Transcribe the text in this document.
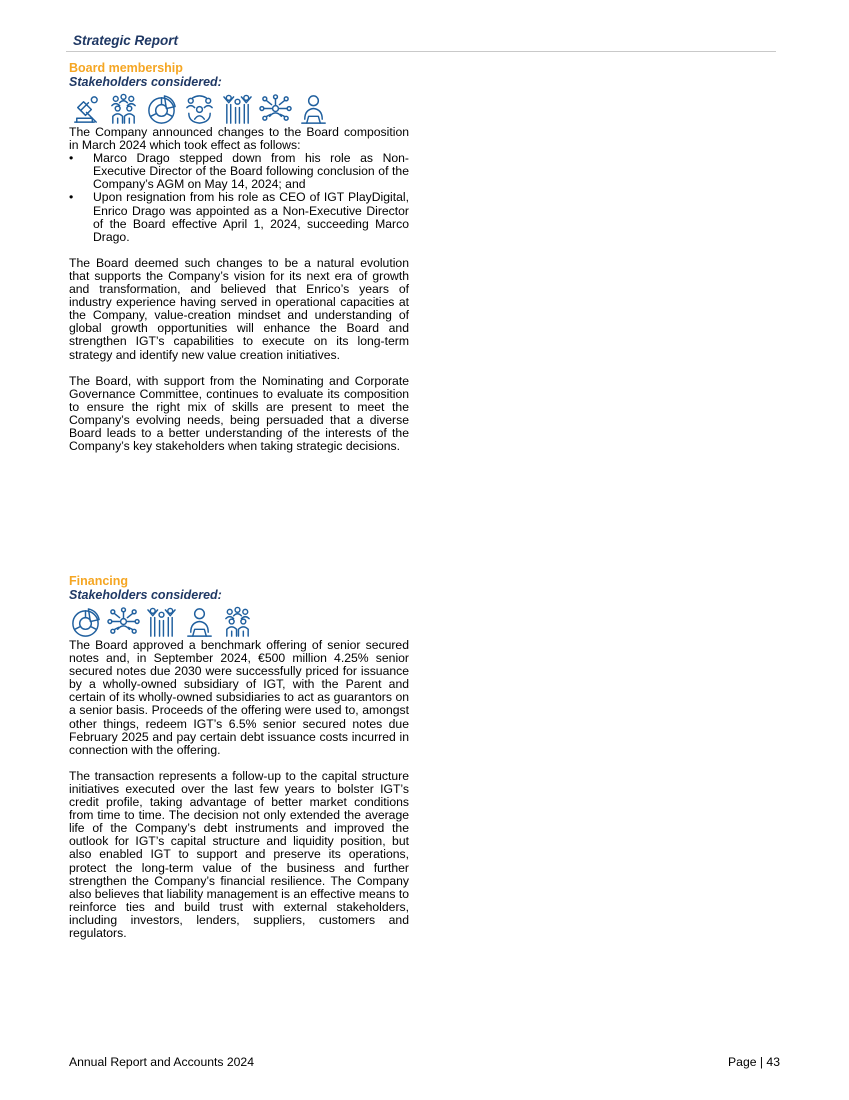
Strategic Report
Board membership
Stakeholders considered:

The Company announced changes to the Board composition in March 2024 which took effect as follows:

• Marco Drago stepped down from his role as Non-Executive Director of the Board following conclusion of the Company’s AGM on May 14, 2024; and
• Upon resignation from his role as CEO of IGT PlayDigital, Enrico Drago was appointed as a Non-Executive Director of the Board effective April 1, 2024, succeeding Marco Drago.

The Board deemed such changes to be a natural evolution that supports the Company’s vision for its next era of growth and transformation, and believed that Enrico’s years of industry experience having served in operational capacities at the Company, value-creation mindset and understanding of global growth opportunities will enhance the Board and strengthen IGT’s capabilities to execute on its long-term strategy and identify new value creation initiatives.

The Board, with support from the Nominating and Corporate Governance Committee, continues to evaluate its composition to ensure the right mix of skills are present to meet the Company’s evolving needs, being persuaded that a diverse Board leads to a better understanding of the interests of the Company’s key stakeholders when taking strategic decisions.

Financing
Stakeholders considered:

The Board approved a benchmark offering of senior secured notes and, in September 2024, €500 million 4.25% senior secured notes due 2030 were successfully priced for issuance by a wholly-owned subsidiary of IGT, with the Parent and certain of its wholly-owned subsidiaries to act as guarantors on a senior basis. Proceeds of the offering were used to, amongst other things, redeem IGT’s 6.5% senior secured notes due February 2025 and pay certain debt issuance costs incurred in connection with the offering.

The transaction represents a follow-up to the capital structure initiatives executed over the last few years to bolster IGT’s credit profile, taking advantage of better market conditions from time to time. The decision not only extended the average life of the Company’s debt instruments and improved the outlook for IGT’s capital structure and liquidity position, but also enabled IGT to support and preserve its operations, protect the long-term value of the business and further strengthen the Company’s financial resilience. The Company also believes that liability management is an effective means to reinforce ties and build trust with external stakeholders, including investors, lenders, suppliers, customers and regulators.

Annual Report and Accounts 2024	Page | 43
